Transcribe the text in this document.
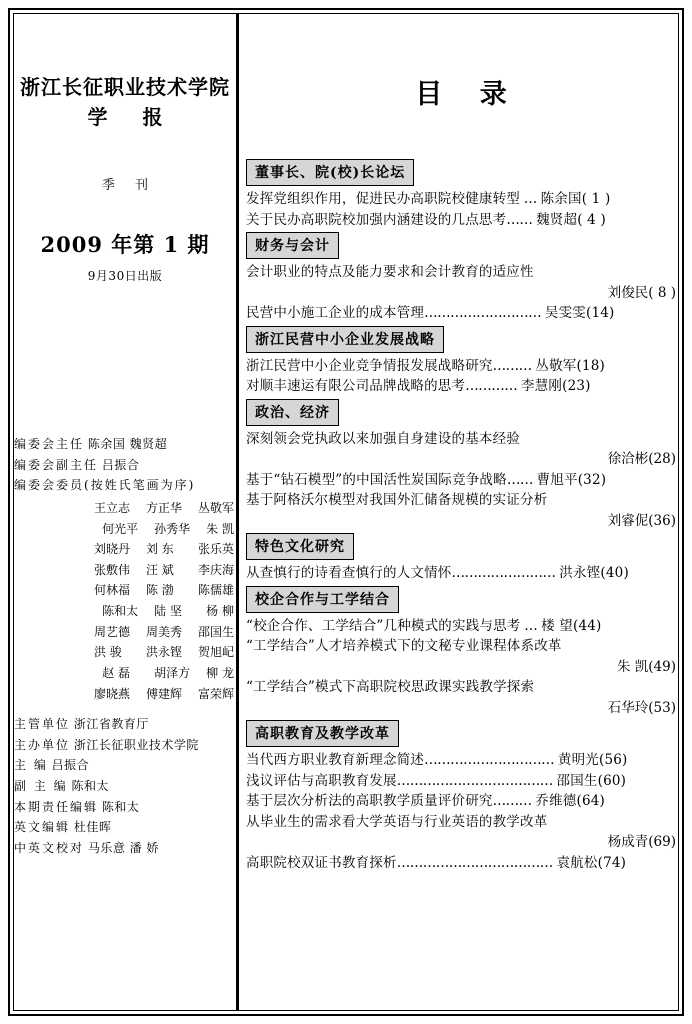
浙江长征职业技术学院
学 报
季 刊
2009 年第 1 期
9月30日出版
编委会主任 陈余国 魏贤超
编委会副主任 吕振合
编委会委员(按姓氏笔画为序)
王立志 方正华 丛敬军
何光平 孙秀华 朱 凯
刘晓丹 刘 东 张乐英
张敷伟 汪 斌 李庆海
何林福 陈 渤 陈儒雄
陈和太 陆 坚 杨 柳
周艺德 周美秀 邵国生
洪 骏 洪永铿 贺旭屺
赵 磊 胡泽方 柳 龙
廖晓燕 傅建辉 富荣辉
主管单位 浙江省教育厅
主办单位 浙江长征职业技术学院
主 编 吕振合
副 主 编 陈和太
本期责任编辑 陈和太
英文编辑 杜佳晖
中英文校对 马乐意 潘 娇
目 录
董事长、院(校)长论坛
发挥党组织作用，促进民办高职院校健康转型 … 陈余国( 1 )
关于民办高职院校加强内涵建设的几点思考…… 魏贤超( 4 )
财务与会计
会计职业的特点及能力要求和会计教育的适应性
刘俊民( 8 )
民营中小施工企业的成本管理……………………… 吴雯雯(14)
浙江民营中小企业发展战略
浙江民营中小企业竞争情报发展战略研究……… 丛敬军(18)
对顺丰速运有限公司品牌战略的思考………… 李慧刚(23)
政治、经济
深刻领会党执政以来加强自身建设的基本经验
徐洽彬(28)
基于“钻石模型”的中国活性炭国际竞争战略…… 曹旭平(32)
基于阿格沃尔模型对我国外汇储备规模的实证分析
刘睿伲(36)
特色文化研究
从查慎行的诗看查慎行的人文情怀…………………… 洪永铿(40)
校企合作与工学结合
“校企合作、工学结合”几种模式的实践与思考 … 楼 望(44)
“工学结合”人才培养模式下的文秘专业课程体系改革
朱 凯(49)
“工学结合”模式下高职院校思政课实践教学探索
石华玲(53)
高职教育及教学改革
当代西方职业教育新理念简述………………………… 黄明光(56)
浅议评估与高职教育发展……………………………… 邵国生(60)
基于层次分析法的高职教学质量评价研究……… 乔维德(64)
从毕业生的需求看大学英语与行业英语的教学改革
杨成青(69)
高职院校双证书教育探析……………………………… 袁航松(74)
